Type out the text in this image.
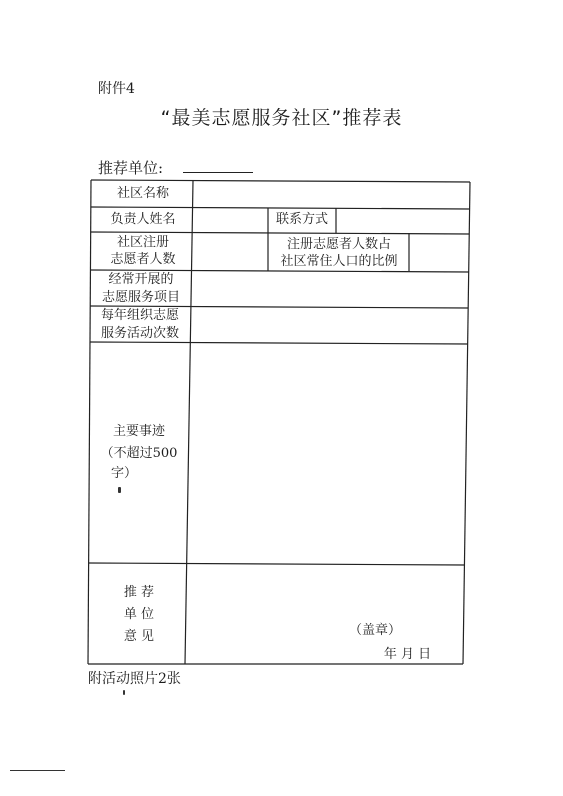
附件4
“最美志愿服务社区”推荐表
推荐单位:
社区名称
负责人姓名	联系方式
社区注册
志愿者人数
注册志愿者人数占
社区常住人口的比例
经常开展的
志愿服务项目
每年组织志愿
服务活动次数
主要事迹
（不超过500
字）
推 荐
单 位
意 见	（盖章）
年 月 日
附活动照片2张
